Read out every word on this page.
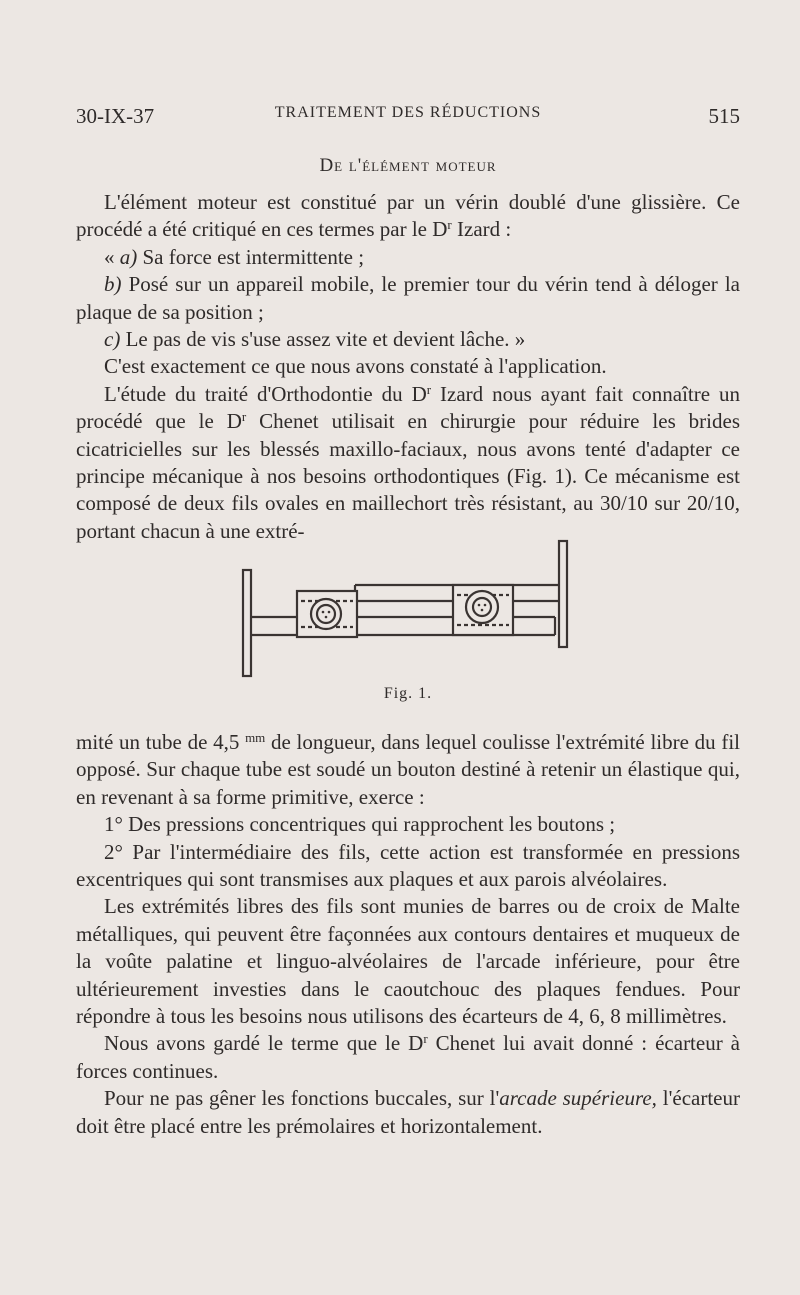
30-IX-37	TRAITEMENT DES RÉDUCTIONS	515
De l'élément moteur

L'élément moteur est constitué par un vérin doublé d'une glissière. Ce procédé a été critiqué en ces termes par le $D^r$ Izard :

« a) Sa force est intermittente ;

b) Posé sur un appareil mobile, le premier tour du vérin tend à déloger la plaque de sa position ;

c) Le pas de vis s'use assez vite et devient lâche. »

C'est exactement ce que nous avons constaté à l'application.

L'étude du traité d'Orthodontie du $D^r$ Izard nous ayant fait connaître un procédé que le $D^r$ Chenet utilisait en chirurgie pour réduire les brides cicatricielles sur les blessés maxillo-faciaux, nous avons tenté d'adapter ce principe mécanique à nos besoins orthodontiques (Fig. 1). Ce mécanisme est composé de deux fils ovales en maillechort très résistant, au 30/10 sur 20/10, portant chacun à une extré-

Fig. 1.

mité un tube de 4,5 $^{mm}$ de longueur, dans lequel coulisse l'extrémité libre du fil opposé. Sur chaque tube est soudé un bouton destiné à retenir un élastique qui, en revenant à sa forme primitive, exerce :

1° Des pressions concentriques qui rapprochent les boutons ;

2° Par l'intermédiaire des fils, cette action est transformée en pressions excentriques qui sont transmises aux plaques et aux parois alvéolaires.

Les extrémités libres des fils sont munies de barres ou de croix de Malte métalliques, qui peuvent être façonnées aux contours dentaires et muqueux de la voûte palatine et linguo-alvéolaires de l'arcade inférieure, pour être ultérieurement investies dans le caoutchouc des plaques fendues. Pour répondre à tous les besoins nous utilisons des écarteurs de 4, 6, 8 millimètres.

Nous avons gardé le terme que le $D^r$ Chenet lui avait donné : écarteur à forces continues.

Pour ne pas gêner les fonctions buccales, sur l'arcade supérieure, l'écarteur doit être placé entre les prémolaires et horizontalement.
